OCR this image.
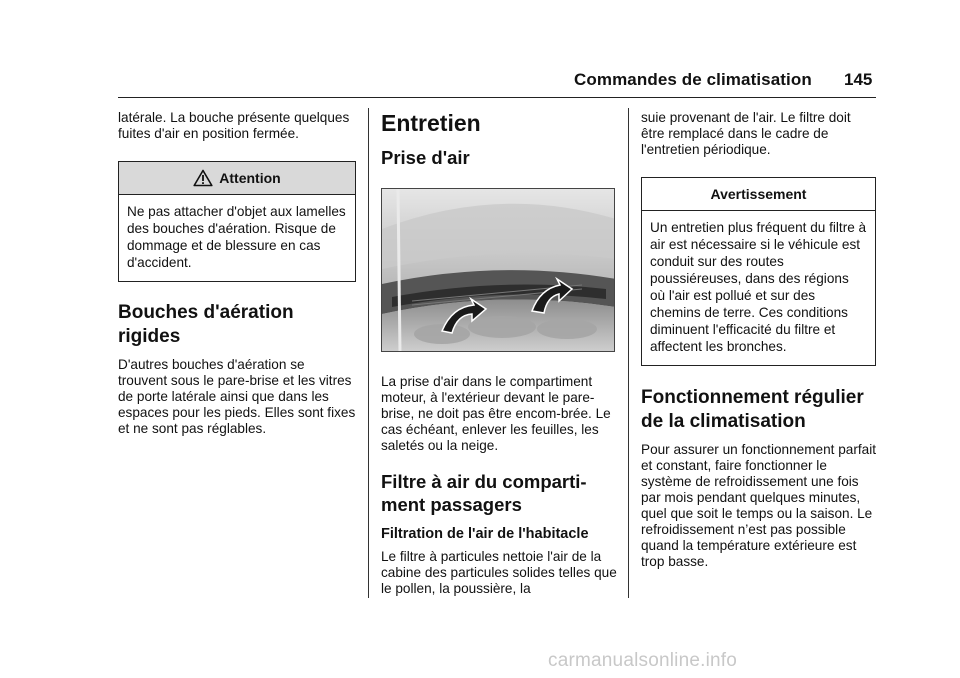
Commandes de climatisation 145

latérale. La bouche présente quelques fuites d'air en position fermée.

Attention
Ne pas attacher d'objet aux lamelles des bouches d'aération. Risque de dommage et de blessure en cas d'accident.
Bouches d'aération rigides

D'autres bouches d'aération se trouvent sous le pare-brise et les vitres de porte latérale ainsi que dans les espaces pour les pieds. Elles sont fixes et ne sont pas réglables.

Entretien
Prise d'air

La prise d'air dans le compartiment moteur, à l'extérieur devant le pare-brise, ne doit pas être encom-brée. Le cas échéant, enlever les feuilles, les saletés ou la neige.

Filtre à air du comparti-ment passagers
Filtration de l'air de l'habitacle

Le filtre à particules nettoie l'air de la cabine des particules solides telles que le pollen, la poussière, la

suie provenant de l'air. Le filtre doit être remplacé dans le cadre de l'entretien périodique.

Avertissement
Un entretien plus fréquent du filtre à air est nécessaire si le véhicule est conduit sur des routes poussiéreuses, dans des régions où l'air est pollué et sur des chemins de terre. Ces conditions diminuent l'efficacité du filtre et affectent les bronches.
Fonctionnement régulier de la climatisation

Pour assurer un fonctionnement parfait et constant, faire fonctionner le système de refroidissement une fois par mois pendant quelques minutes, quel que soit le temps ou la saison. Le refroidissement n’est pas possible quand la température extérieure est trop basse.

carmanualsonline.info
